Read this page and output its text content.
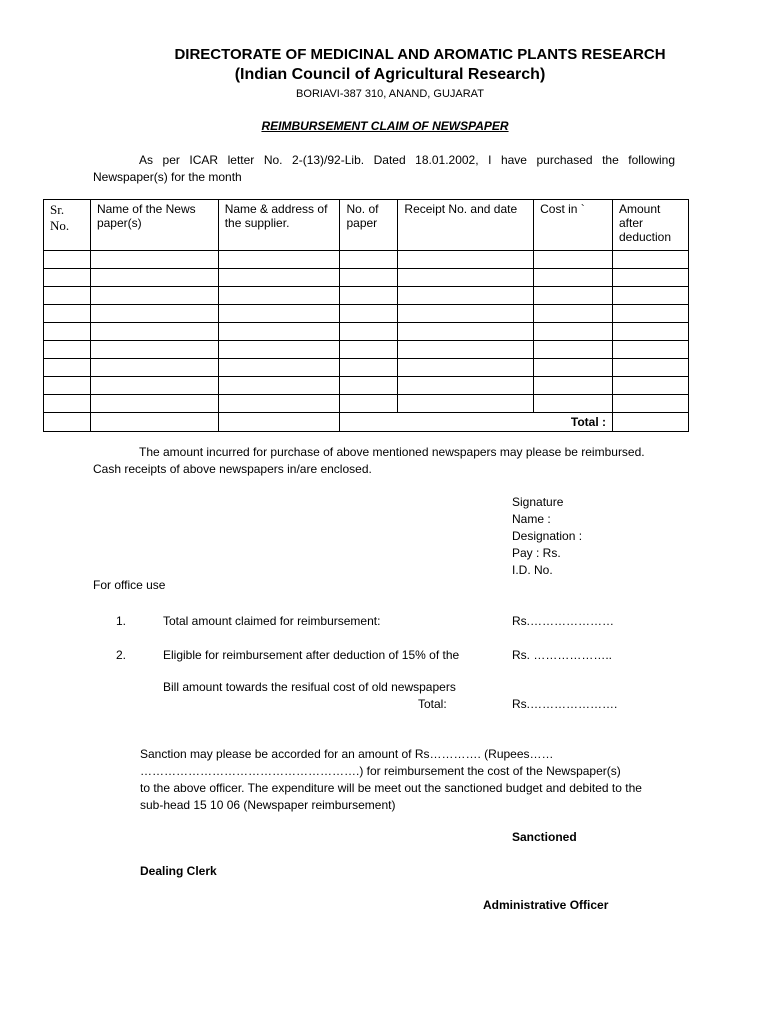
DIRECTORATE OF MEDICINAL AND AROMATIC PLANTS RESEARCH
(Indian Council of Agricultural Research)
BORIAVI-387 310, ANAND, GUJARAT
REIMBURSEMENT CLAIM OF NEWSPAPER
As per ICAR letter No. 2-(13)/92-Lib. Dated 18.01.2002, I have purchased the following
Newspaper(s) for the month
Sr. No.	Name of the News paper(s)	Name & address of the supplier.	No. of paper	Receipt No. and date	Cost in `	Amount after deduction

			Total :			
The amount incurred for purchase of above mentioned newspapers may please be reimbursed.
Cash receipts of above newspapers in/are enclosed.
Signature
Name :
Designation :
Pay : Rs.
I.D. No.
For office use
1.	Total amount claimed for reimbursement:	Rs.…………………
2.	Eligible for reimbursement after deduction of 15% of the	Rs. ………………..
Bill amount towards the resifual cost of old newspapers
Total:	Rs.………………….
Sanction may please be accorded for an amount of Rs…………. (Rupees……
……………………………………………….) for reimbursement the cost of the Newspaper(s)
to the above officer. The expenditure will be meet out the sanctioned budget and debited to the
sub-head 15 10 06 (Newspaper reimbursement)
Sanctioned
Dealing Clerk
Administrative Officer
